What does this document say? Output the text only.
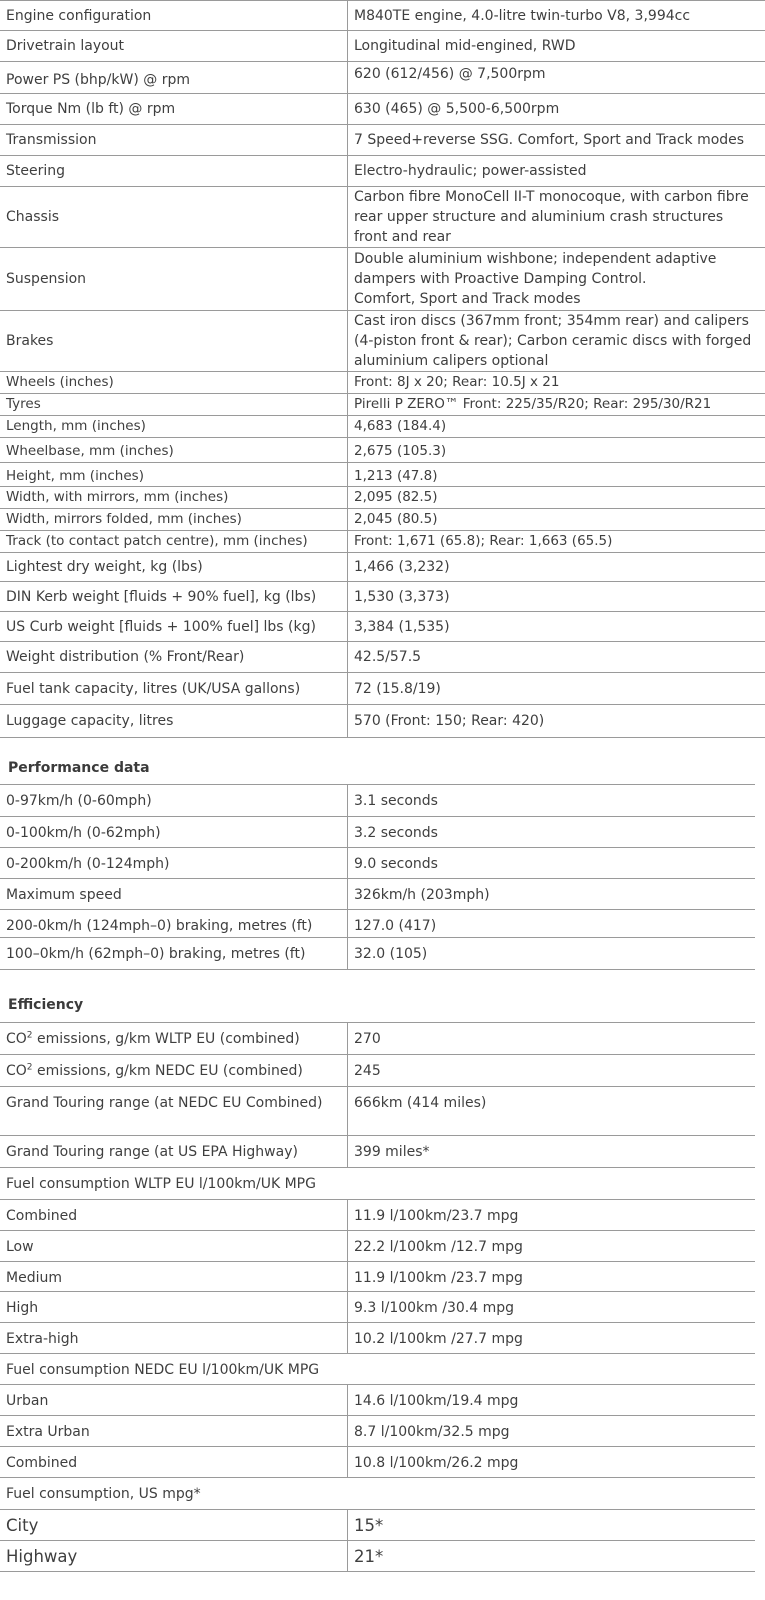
Engine configuration	M840TE engine, 4.0-litre twin-turbo V8, 3,994cc
Drivetrain layout	Longitudinal mid-engined, RWD
Power PS (bhp/kW) @ rpm	620 (612/456) @ 7,500rpm
Torque Nm (lb ft) @ rpm	630 (465) @ 5,500-6,500rpm
Transmission	7 Speed+reverse SSG. Comfort, Sport and Track modes
Steering	Electro-hydraulic; power-assisted
Chassis	Carbon fibre MonoCell II-T monocoque, with carbon fibre rear upper structure and aluminium crash structures front and rear
Suspension	Double aluminium wishbone; independent adaptive dampers with Proactive Damping Control.
Comfort, Sport and Track modes
Brakes	Cast iron discs (367mm front; 354mm rear) and calipers (4-piston front & rear); Carbon ceramic discs with forged aluminium calipers optional
Wheels (inches)	Front: 8J x 20; Rear: 10.5J x 21
Tyres	Pirelli P ZERO™ Front: 225/35/R20; Rear: 295/30/R21
Length, mm (inches)	4,683 (184.4)
Wheelbase, mm (inches)	2,675 (105.3)
Height, mm (inches)	1,213 (47.8)
Width, with mirrors, mm (inches)	2,095 (82.5)
Width, mirrors folded, mm (inches)	2,045 (80.5)
Track (to contact patch centre), mm (inches)	Front: 1,671 (65.8); Rear: 1,663 (65.5)
Lightest dry weight, kg (lbs)	1,466 (3,232)
DIN Kerb weight [fluids + 90% fuel], kg (lbs)	1,530 (3,373)
US Curb weight [fluids + 100% fuel] lbs (kg)	3,384 (1,535)
Weight distribution (% Front/Rear)	42.5/57.5
Fuel tank capacity, litres (UK/USA gallons)	72 (15.8/19)
Luggage capacity, litres	570 (Front: 150; Rear: 420)
Performance data
0-97km/h (0-60mph)	3.1 seconds
0-100km/h (0-62mph)	3.2 seconds
0-200km/h (0-124mph)	9.0 seconds
Maximum speed	326km/h (203mph)
200-0km/h (124mph–0) braking, metres (ft)	127.0 (417)
100–0km/h (62mph–0) braking, metres (ft)	32.0 (105)
Efficiency
$CO^2$ emissions, g/km WLTP EU (combined)	270
$CO^2$ emissions, g/km NEDC EU (combined)	245
Grand Touring range (at NEDC EU Combined)	666km (414 miles)
Grand Touring range (at US EPA Highway)	399 miles*
Fuel consumption WLTP EU l/100km/UK MPG	
Combined	11.9 l/100km/23.7 mpg
Low	22.2 l/100km /12.7 mpg
Medium	11.9 l/100km /23.7 mpg
High	9.3 l/100km /30.4 mpg
Extra-high	10.2 l/100km /27.7 mpg
Fuel consumption NEDC EU l/100km/UK MPG	
Urban	14.6 l/100km/19.4 mpg
Extra Urban	8.7 l/100km/32.5 mpg
Combined	10.8 l/100km/26.2 mpg
Fuel consumption, US mpg*	
City	15*
Highway	21*
